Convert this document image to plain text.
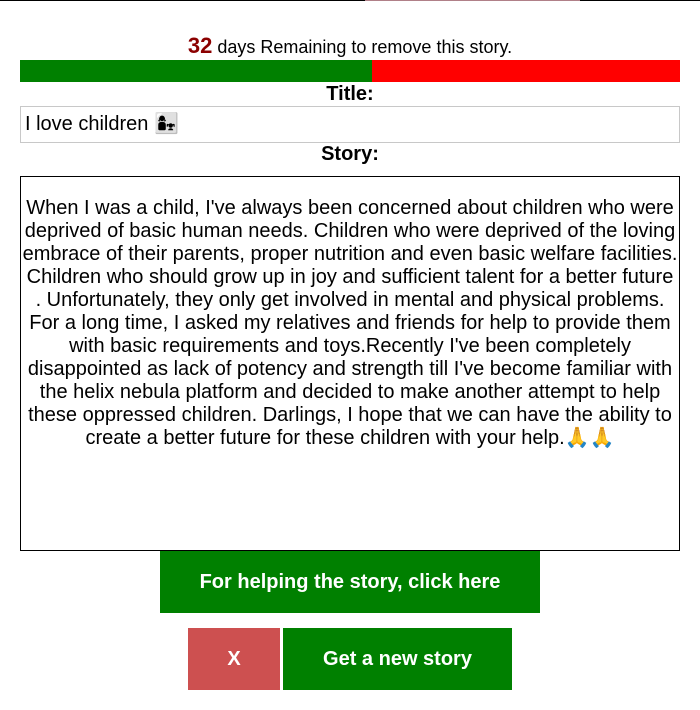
32 days Remaining to remove this story.
Title:
I love children 👩‍👧
Story:
When I was a child, I've always been concerned about children who were deprived of basic human needs. Children who were deprived of the loving embrace of their parents, proper nutrition and even basic welfare facilities. Children who should grow up in joy and sufficient talent for a better future . Unfortunately, they only get involved in mental and physical problems. For a long time, I asked my relatives and friends for help to provide them with basic requirements and toys.Recently I've been completely disappointed as lack of potency and strength till I've become familiar with the helix nebula platform and decided to make another attempt to help these oppressed children. Darlings, I hope that we can have the ability to create a better future for these children with your help.🙏🙏
For helping the story, click here
X	Get a new story
